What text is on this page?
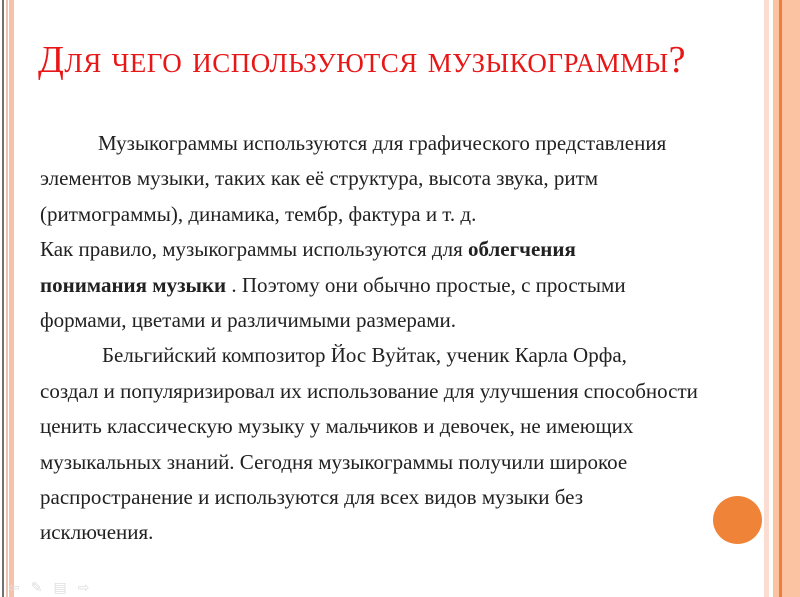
Для чего используются музыкограммы?
Музыкограммы используются для графического представления
элементов музыки, таких как её структура, высота звука, ритм
(ритмограммы), динамика, тембр, фактура и т. д.
Как правило, музыкограммы используются для облегчения
понимания музыки . Поэтому они обычно простые, с простыми
формами, цветами и различимыми размерами.
Бельгийский композитор Йос Вуйтак, ученик Карла Орфа,
создал и популяризировал их использование для улучшения способности
ценить классическую музыку у мальчиков и девочек, не имеющих
музыкальных знаний. Сегодня музыкограммы получили широкое
распространение и используются для всех видов музыки без
исключения.
⇦ ✎ ▤ ⇨
